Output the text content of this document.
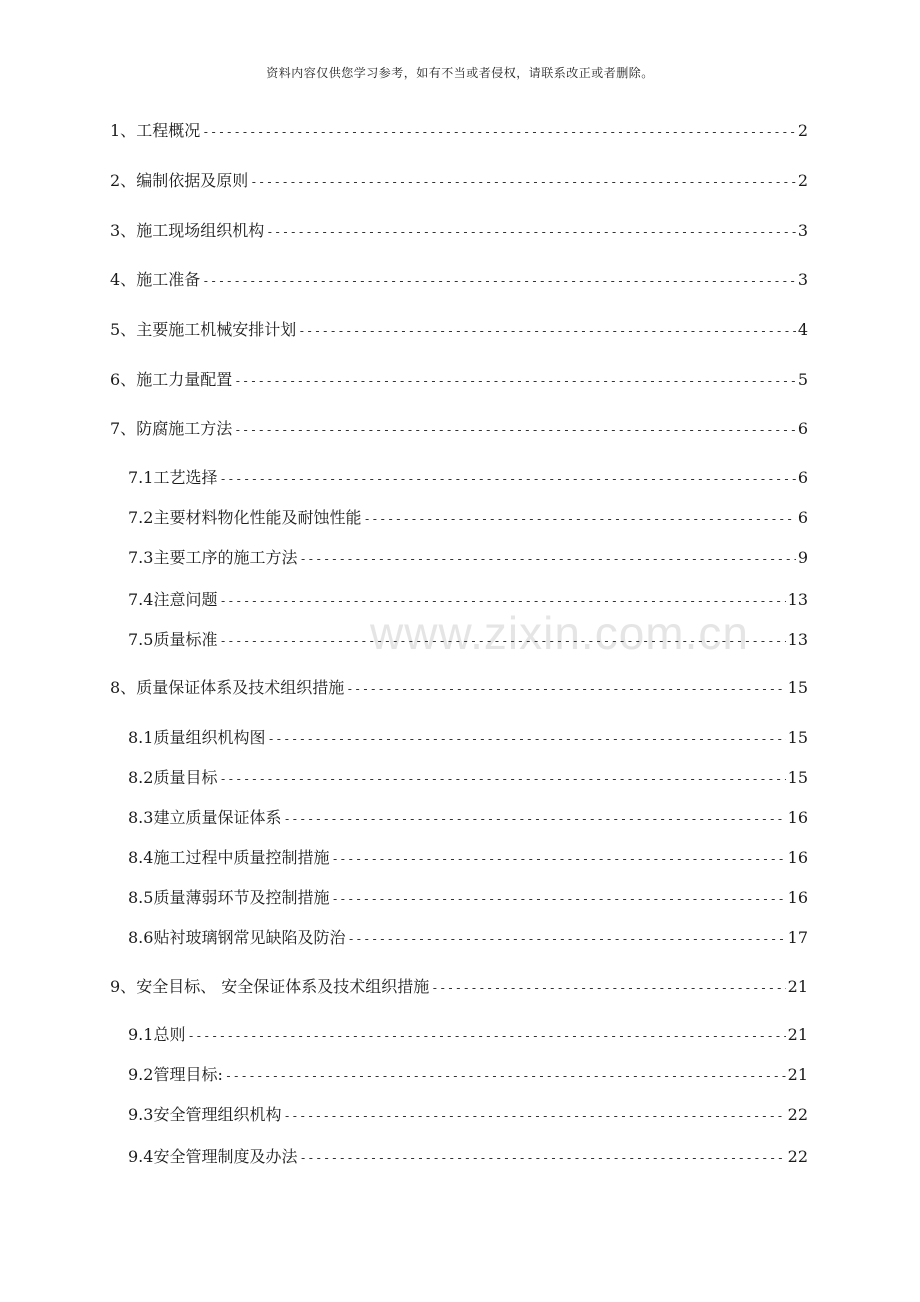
资料内容仅供您学习参考，如有不当或者侵权，请联系改正或者删除。
www.zixin.com.cn
1、 工程概况 -----	2
2、 编制依据及原则 -----	2
3、 施工现场组织机构 -----	3
4、 施工准备 -----	3
5、 主要施工机械安排计划 -----	4
6、 施工力量配置 -----	5
7、 防腐施工方法 -----	6
7.1 工艺选择 -----	6
7.2 主要材料物化性能及耐蚀性能 -----	6
7.3 主要工序的施工方法 -----	9
7.4 注意问题 -----	13
7.5 质量标准 -----	13
8、 质量保证体系及技术组织措施 -----	15
8.1 质量组织机构图 -----	15
8.2 质量目标 -----	15
8.3 建立质量保证体系 -----	16
8.4 施工过程中质量控制措施 -----	16
8.5 质量薄弱环节及控制措施 -----	16
8.6 贴衬玻璃钢常见缺陷及防治 -----	17
9、 安全目标、 安全保证体系及技术组织措施 -----	21
9.1 总则 -----	21
9.2 管理目标: -----	21
9.3 安全管理组织机构 -----	22
9.4 安全管理制度及办法 -----	22
